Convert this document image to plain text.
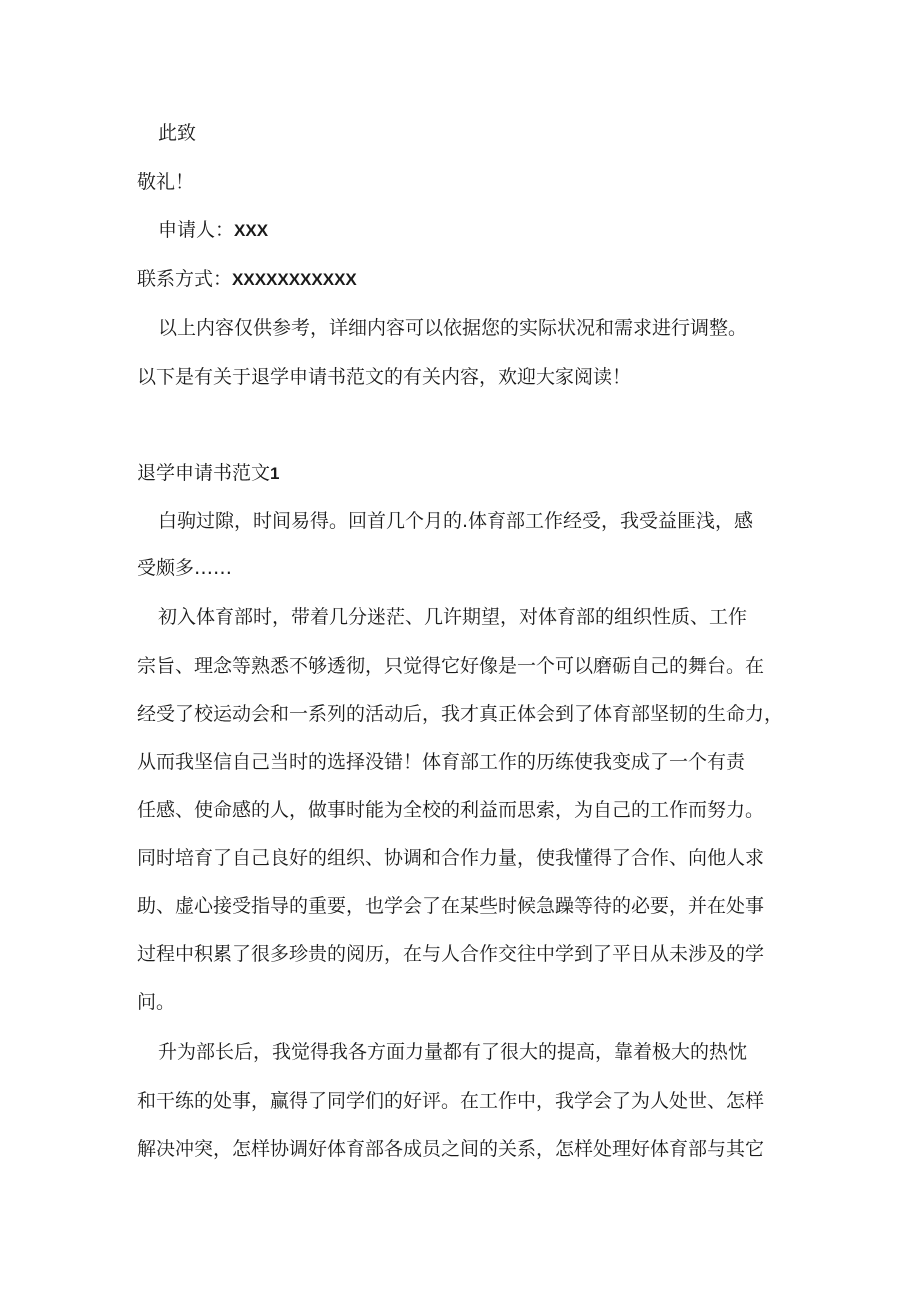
此致
敬礼！
申请人：XXX
联系方式：XXXXXXXXXXX
以上内容仅供参考，详细内容可以依据您的实际状况和需求进行调整。
以下是有关于退学申请书范文的有关内容，欢迎大家阅读！
退学申请书范文1
白驹过隙，时间易得。回首几个月的.体育部工作经受，我受益匪浅，感
受颇多……
初入体育部时，带着几分迷茫、几许期望，对体育部的组织性质、工作
宗旨、理念等熟悉不够透彻，只觉得它好像是一个可以磨砺自己的舞台。在
经受了校运动会和一系列的活动后，我才真正体会到了体育部坚韧的生命力，
从而我坚信自己当时的选择没错！体育部工作的历练使我变成了一个有责
任感、使命感的人，做事时能为全校的利益而思索，为自己的工作而努力。
同时培育了自己良好的组织、协调和合作力量，使我懂得了合作、向他人求
助、虚心接受指导的重要，也学会了在某些时候急躁等待的必要，并在处事
过程中积累了很多珍贵的阅历，在与人合作交往中学到了平日从未涉及的学
问。
升为部长后，我觉得我各方面力量都有了很大的提高，靠着极大的热忱
和干练的处事，赢得了同学们的好评。在工作中，我学会了为人处世、怎样
解决冲突，怎样协调好体育部各成员之间的关系，怎样处理好体育部与其它
